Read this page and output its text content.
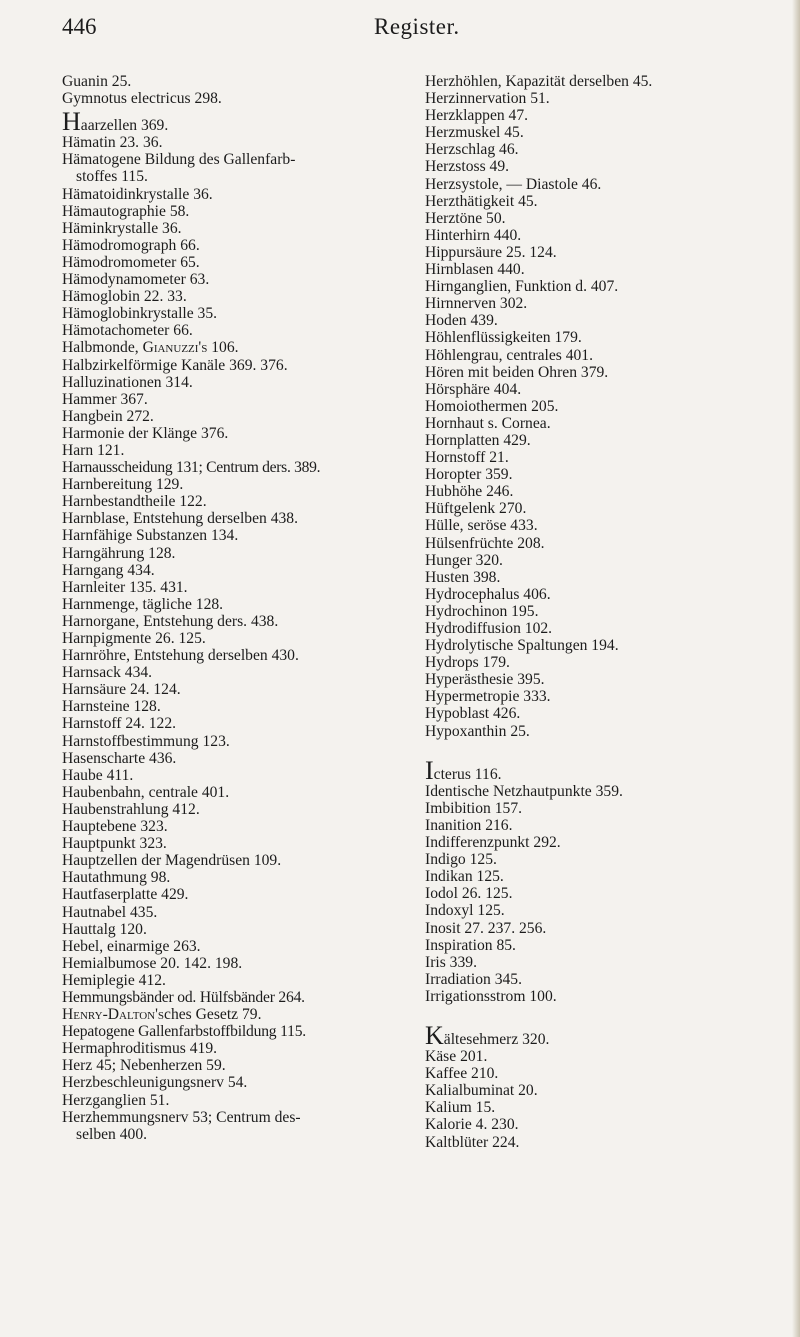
446	Register.
Guanin 25.
Gymnotus electricus 298.
Haarzellen 369.
Hämatin 23. 36.
Hämatogene Bildung des Gallenfarb-
stoffes 115.
Hämatoidinkrystalle 36.
Hämautographie 58.
Häminkrystalle 36.
Hämodromograph 66.
Hämodromometer 65.
Hämodynamometer 63.
Hämoglobin 22. 33.
Hämoglobinkrystalle 35.
Hämotachometer 66.
Halbmonde, Gianuzzi's 106.
Halbzirkelförmige Kanäle 369. 376.
Halluzinationen 314.
Hammer 367.
Hangbein 272.
Harmonie der Klänge 376.
Harn 121.
Harnausscheidung 131; Centrum ders. 389.
Harnbereitung 129.
Harnbestandtheile 122.
Harnblase, Entstehung derselben 438.
Harnfähige Substanzen 134.
Harngährung 128.
Harngang 434.
Harnleiter 135. 431.
Harnmenge, tägliche 128.
Harnorgane, Entstehung ders. 438.
Harnpigmente 26. 125.
Harnröhre, Entstehung derselben 430.
Harnsack 434.
Harnsäure 24. 124.
Harnsteine 128.
Harnstoff 24. 122.
Harnstoffbestimmung 123.
Hasenscharte 436.
Haube 411.
Haubenbahn, centrale 401.
Haubenstrahlung 412.
Hauptebene 323.
Hauptpunkt 323.
Hauptzellen der Magendrüsen 109.
Hautathmung 98.
Hautfaserplatte 429.
Hautnabel 435.
Hauttalg 120.
Hebel, einarmige 263.
Hemialbumose 20. 142. 198.
Hemiplegie 412.
Hemmungsbänder od. Hülfsbänder 264.
Henry-Dalton'sches Gesetz 79.
Hepatogene Gallenfarbstoffbildung 115.
Hermaphroditismus 419.
Herz 45; Nebenherzen 59.
Herzbeschleunigungsnerv 54.
Herzganglien 51.
Herzhemmungsnerv 53; Centrum des-
selben 400.
Herzhöhlen, Kapazität derselben 45.
Herzinnervation 51.
Herzklappen 47.
Herzmuskel 45.
Herzschlag 46.
Herzstoss 49.
Herzsystole, — Diastole 46.
Herzthätigkeit 45.
Herztöne 50.
Hinterhirn 440.
Hippursäure 25. 124.
Hirnblasen 440.
Hirnganglien, Funktion d. 407.
Hirnnerven 302.
Hoden 439.
Höhlenflüssigkeiten 179.
Höhlengrau, centrales 401.
Hören mit beiden Ohren 379.
Hörsphäre 404.
Homoiothermen 205.
Hornhaut s. Cornea.
Hornplatten 429.
Hornstoff 21.
Horopter 359.
Hubhöhe 246.
Hüftgelenk 270.
Hülle, seröse 433.
Hülsenfrüchte 208.
Hunger 320.
Husten 398.
Hydrocephalus 406.
Hydrochinon 195.
Hydrodiffusion 102.
Hydrolytische Spaltungen 194.
Hydrops 179.
Hyperästhesie 395.
Hypermetropie 333.
Hypoblast 426.
Hypoxanthin 25.
Icterus 116.
Identische Netzhautpunkte 359.
Imbibition 157.
Inanition 216.
Indifferenzpunkt 292.
Indigo 125.
Indikan 125.
Iodol 26. 125.
Indoxyl 125.
Inosit 27. 237. 256.
Inspiration 85.
Iris 339.
Irradiation 345.
Irrigationsstrom 100.
Kältesehmerz 320.
Käse 201.
Kaffee 210.
Kalialbuminat 20.
Kalium 15.
Kalorie 4. 230.
Kaltblüter 224.
